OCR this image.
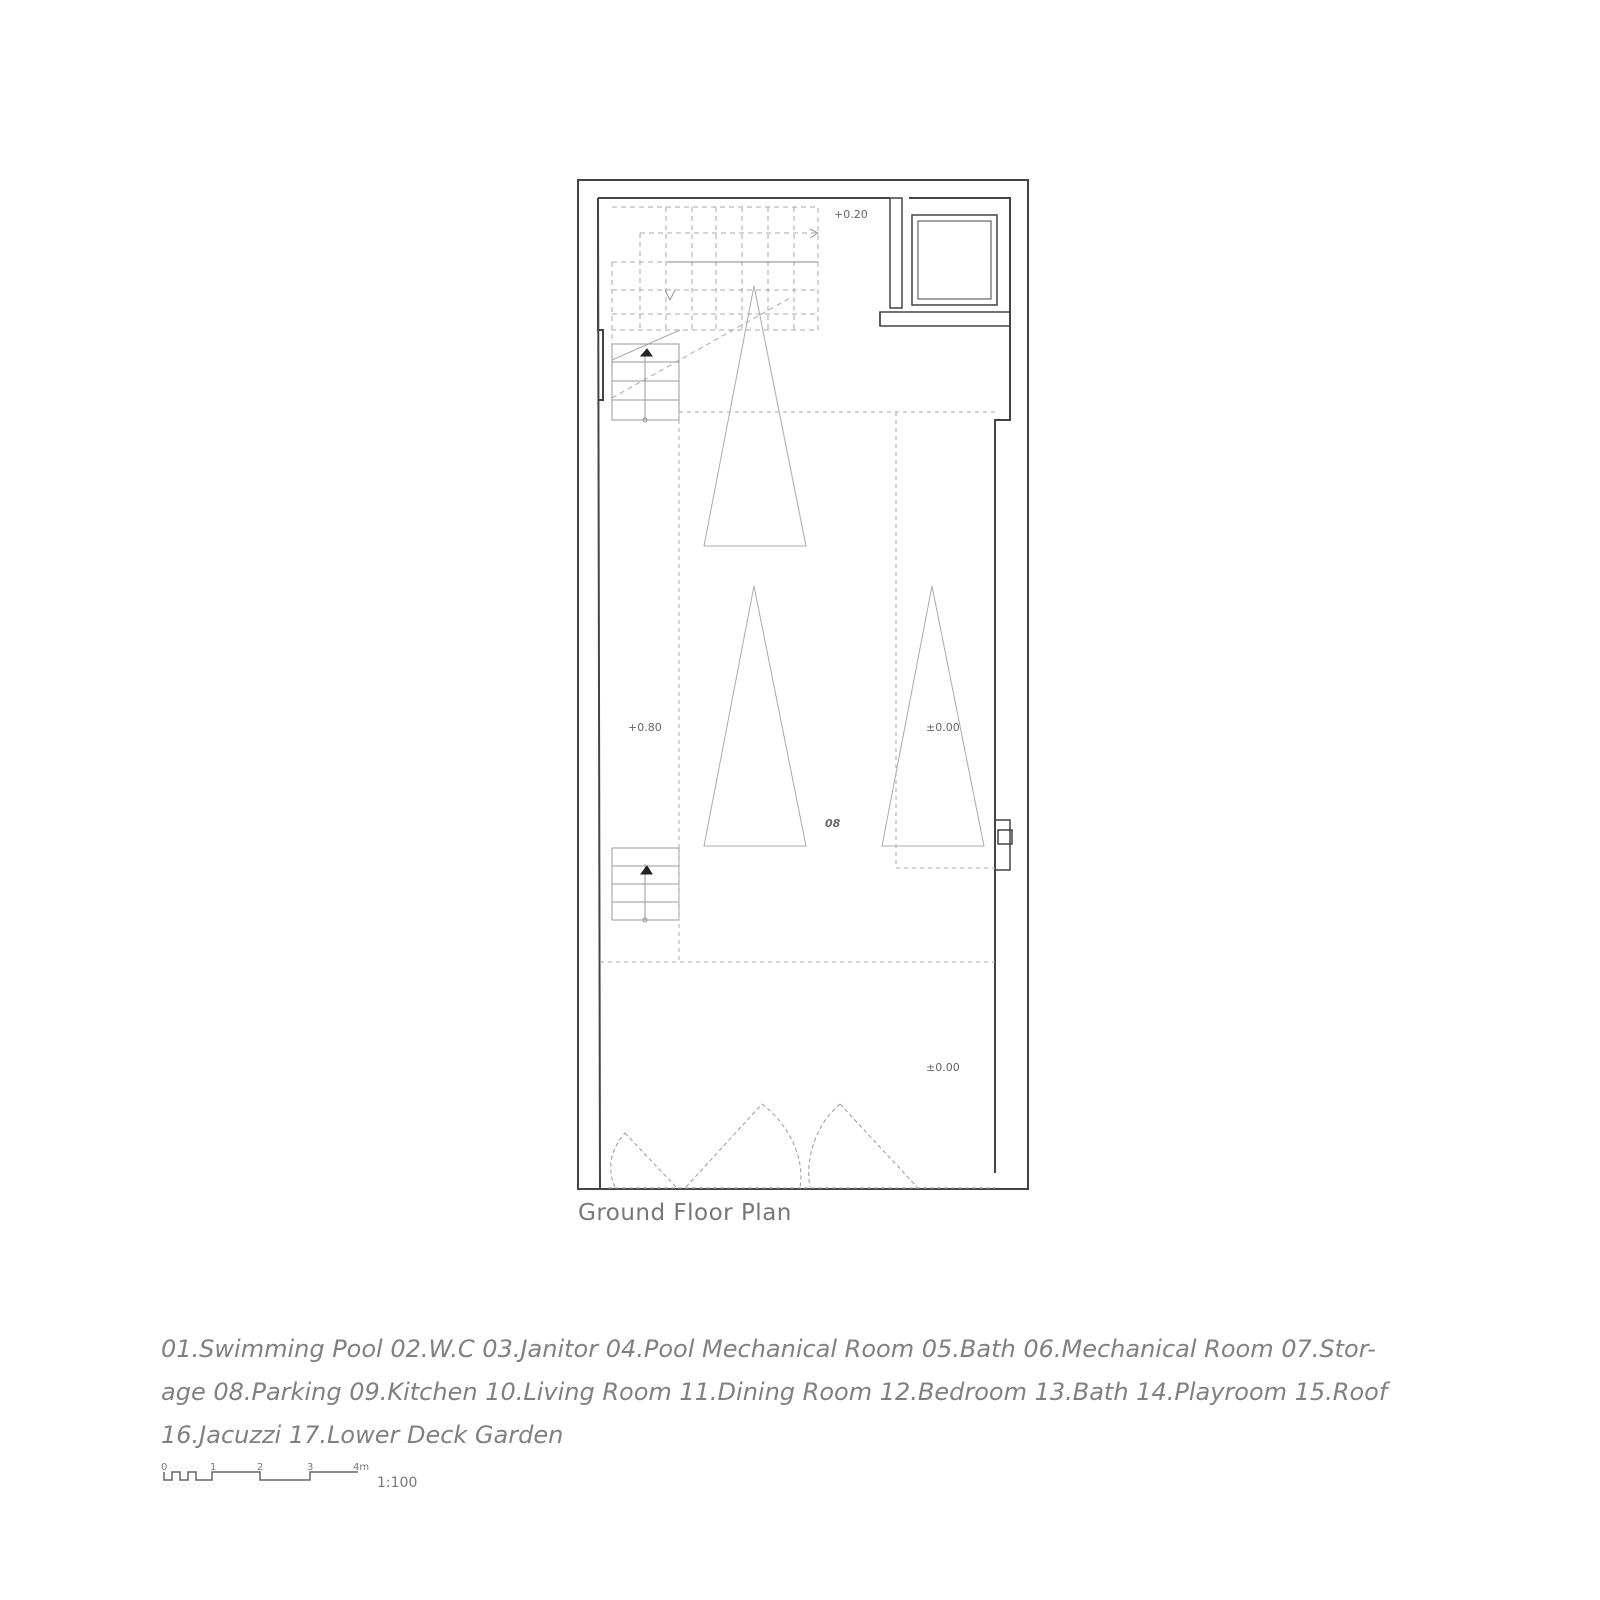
+0.20
+0.80	±0.00
±0.00
08
0	1	2	3	4m
1:100
Ground Floor Plan
01.Swimming Pool 02.W.C 03.Janitor 04.Pool Mechanical Room 05.Bath 06.Mechanical Room 07.Stor-
age 08.Parking 09.Kitchen 10.Living Room 11.Dining Room 12.Bedroom 13.Bath 14.Playroom 15.Roof
16.Jacuzzi 17.Lower Deck Garden
